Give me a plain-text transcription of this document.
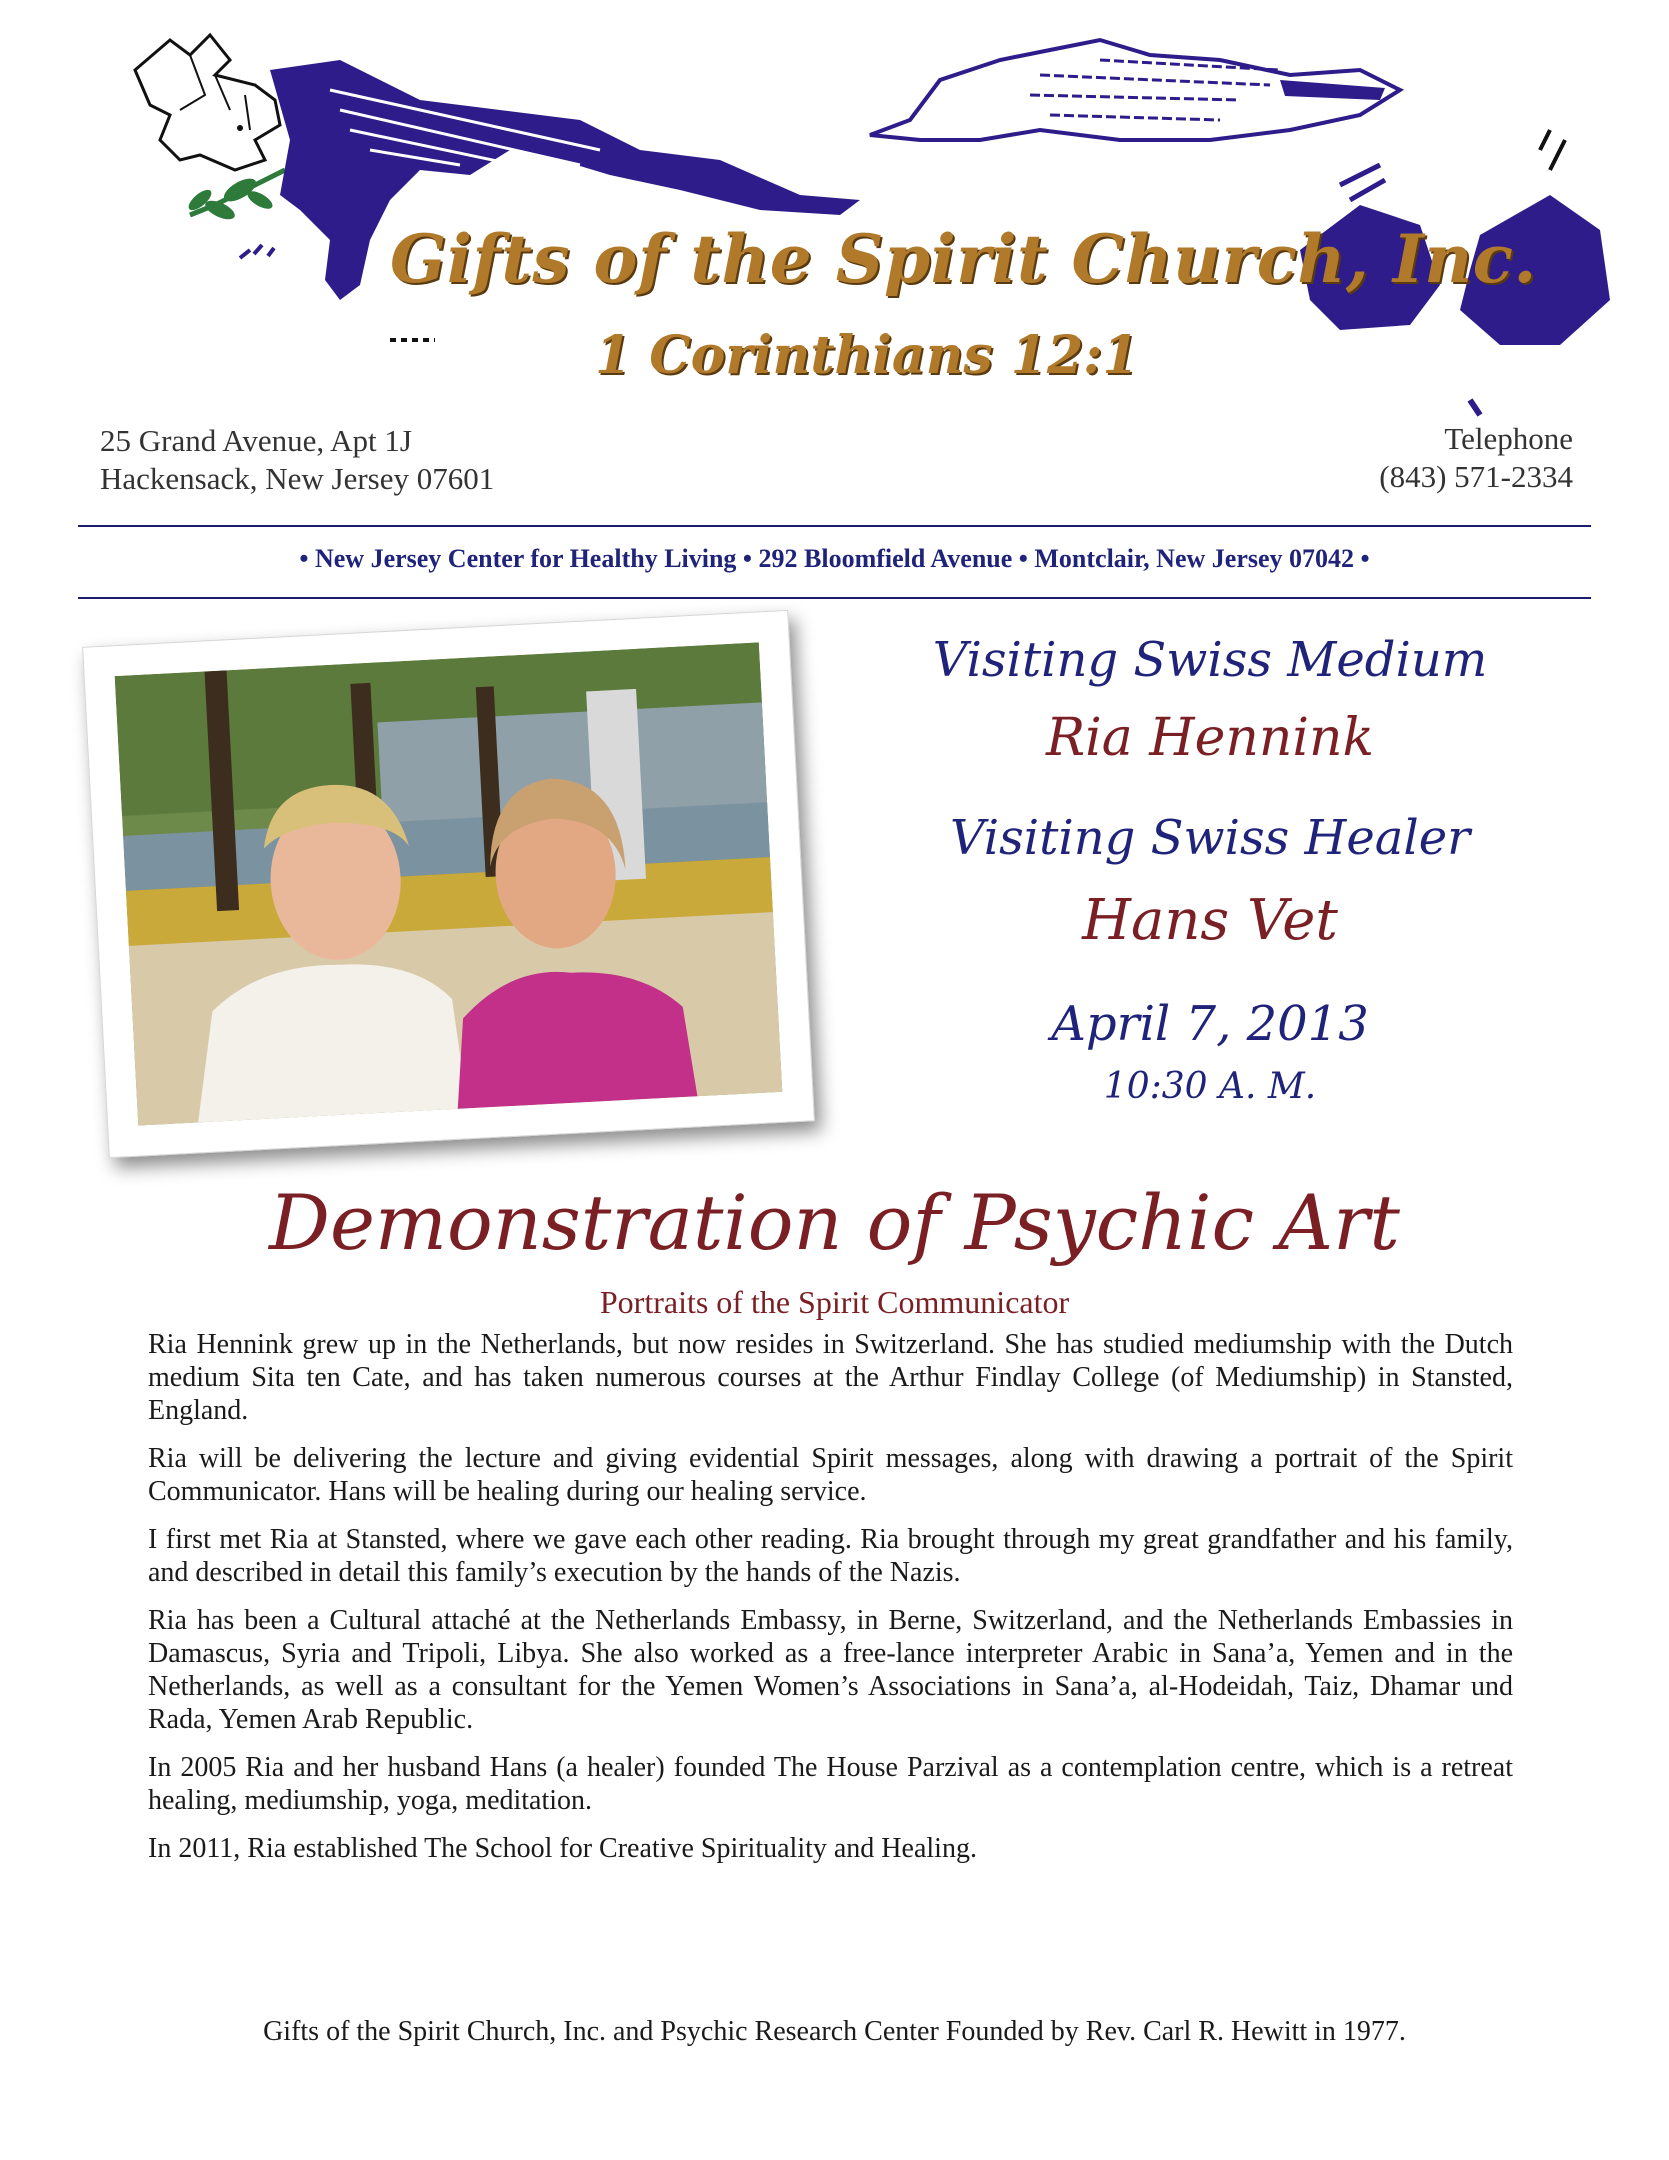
Gifts of the Spirit Church, Inc.
1 Corinthians 12:1
25 Grand Avenue, Apt 1J
Hackensack, New Jersey 07601
Telephone
(843) 571-2334
• New Jersey Center for Healthy Living • 292 Bloomfield Avenue • Montclair, New Jersey 07042 •
Visiting Swiss Medium
Ria Hennink
Visiting Swiss Healer
Hans Vet
April 7, 2013
10:30 A. M.
Demonstration of Psychic Art
Portraits of the Spirit Communicator

Ria Hennink grew up in the Netherlands, but now resides in Switzerland. She has studied mediumship with the Dutch medium Sita ten Cate, and has taken numerous courses at the Arthur Findlay College (of Mediumship) in Stansted, England.

Ria will be delivering the lecture and giving evidential Spirit messages, along with drawing a portrait of the Spirit Communicator. Hans will be healing during our healing service.

I first met Ria at Stansted, where we gave each other reading. Ria brought through my great grandfather and his family, and described in detail this family’s execution by the hands of the Nazis.

Ria has been a Cultural attaché at the Netherlands Embassy, in Berne, Switzerland, and the Netherlands Embassies in Damascus, Syria and Tripoli, Libya. She also worked as a free-lance interpreter Arabic in Sana’a, Yemen and in the Netherlands, as well as a consultant for the Yemen Women’s Associations in Sana’a, al-Hodeidah, Taiz, Dhamar und Rada, Yemen Arab Republic.

In 2005 Ria and her husband Hans (a healer) founded The House Parzival as a contemplation centre, which is a retreat healing, mediumship, yoga, meditation.

In 2011, Ria established The School for Creative Spirituality and Healing.

Gifts of the Spirit Church, Inc. and Psychic Research Center Founded by Rev. Carl R. Hewitt in 1977.
